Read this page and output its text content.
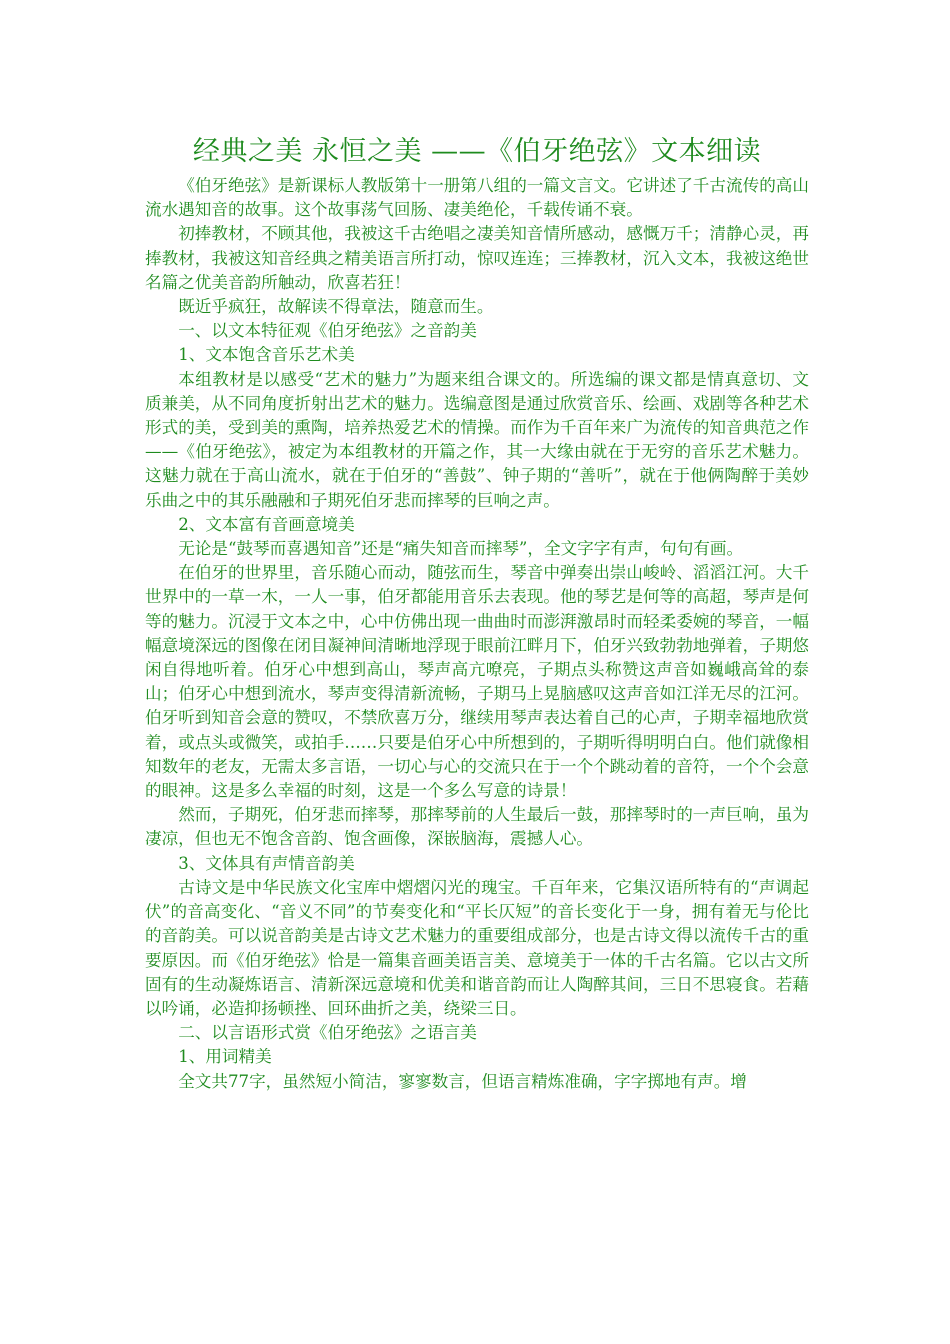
经典之美 永恒之美 ——《伯牙绝弦》文本细读

《伯牙绝弦》是新课标人教版第十一册第八组的一篇文言文。它讲述了千古流传的高山流水遇知音的故事。这个故事荡气回肠、凄美绝伦，千载传诵不衰。

初捧教材，不顾其他，我被这千古绝唱之凄美知音情所感动，感慨万千；清静心灵，再捧教材，我被这知音经典之精美语言所打动，惊叹连连；三捧教材，沉入文本，我被这绝世名篇之优美音韵所触动，欣喜若狂！

既近乎疯狂，故解读不得章法，随意而生。

一、以文本特征观《伯牙绝弦》之音韵美

1、文本饱含音乐艺术美

本组教材是以感受“艺术的魅力”为题来组合课文的。所选编的课文都是情真意切、文质兼美，从不同角度折射出艺术的魅力。选编意图是通过欣赏音乐、绘画、戏剧等各种艺术形式的美，受到美的熏陶，培养热爱艺术的情操。而作为千百年来广为流传的知音典范之作——《伯牙绝弦》，被定为本组教材的开篇之作，其一大缘由就在于无穷的音乐艺术魅力。这魅力就在于高山流水，就在于伯牙的“善鼓”、钟子期的“善听”，就在于他俩陶醉于美妙乐曲之中的其乐融融和子期死伯牙悲而摔琴的巨响之声。

2、文本富有音画意境美

无论是“鼓琴而喜遇知音”还是“痛失知音而摔琴”，全文字字有声，句句有画。

在伯牙的世界里，音乐随心而动，随弦而生，琴音中弹奏出崇山峻岭、滔滔江河。大千世界中的一草一木，一人一事，伯牙都能用音乐去表现。他的琴艺是何等的高超，琴声是何等的魅力。沉浸于文本之中，心中仿佛出现一曲曲时而澎湃激昂时而轻柔委婉的琴音，一幅幅意境深远的图像在闭目凝神间清晰地浮现于眼前江畔月下，伯牙兴致勃勃地弹着，子期悠闲自得地听着。伯牙心中想到高山，琴声高亢嘹亮，子期点头称赞这声音如巍峨高耸的泰山；伯牙心中想到流水，琴声变得清新流畅，子期马上晃脑感叹这声音如江洋无尽的江河。伯牙听到知音会意的赞叹，不禁欣喜万分，继续用琴声表达着自己的心声，子期幸福地欣赏着，或点头或微笑，或拍手……只要是伯牙心中所想到的，子期听得明明白白。他们就像相知数年的老友，无需太多言语，一切心与心的交流只在于一个个跳动着的音符，一个个会意的眼神。这是多么幸福的时刻，这是一个多么写意的诗景！

然而，子期死，伯牙悲而摔琴，那摔琴前的人生最后一鼓，那摔琴时的一声巨响，虽为凄凉，但也无不饱含音韵、饱含画像，深嵌脑海，震撼人心。

3、文体具有声情音韵美

古诗文是中华民族文化宝库中熠熠闪光的瑰宝。千百年来，它集汉语所特有的“声调起伏”的音高变化、“音义不同”的节奏变化和“平长仄短”的音长变化于一身，拥有着无与伦比的音韵美。可以说音韵美是古诗文艺术魅力的重要组成部分，也是古诗文得以流传千古的重要原因。而《伯牙绝弦》恰是一篇集音画美语言美、意境美于一体的千古名篇。它以古文所固有的生动凝炼语言、清新深远意境和优美和谐音韵而让人陶醉其间，三日不思寝食。若藉以吟诵，必造抑扬顿挫、回环曲折之美，绕梁三日。

二、以言语形式赏《伯牙绝弦》之语言美

1、用词精美

全文共77字，虽然短小简洁，寥寥数言，但语言精炼准确，字字掷地有声。增
